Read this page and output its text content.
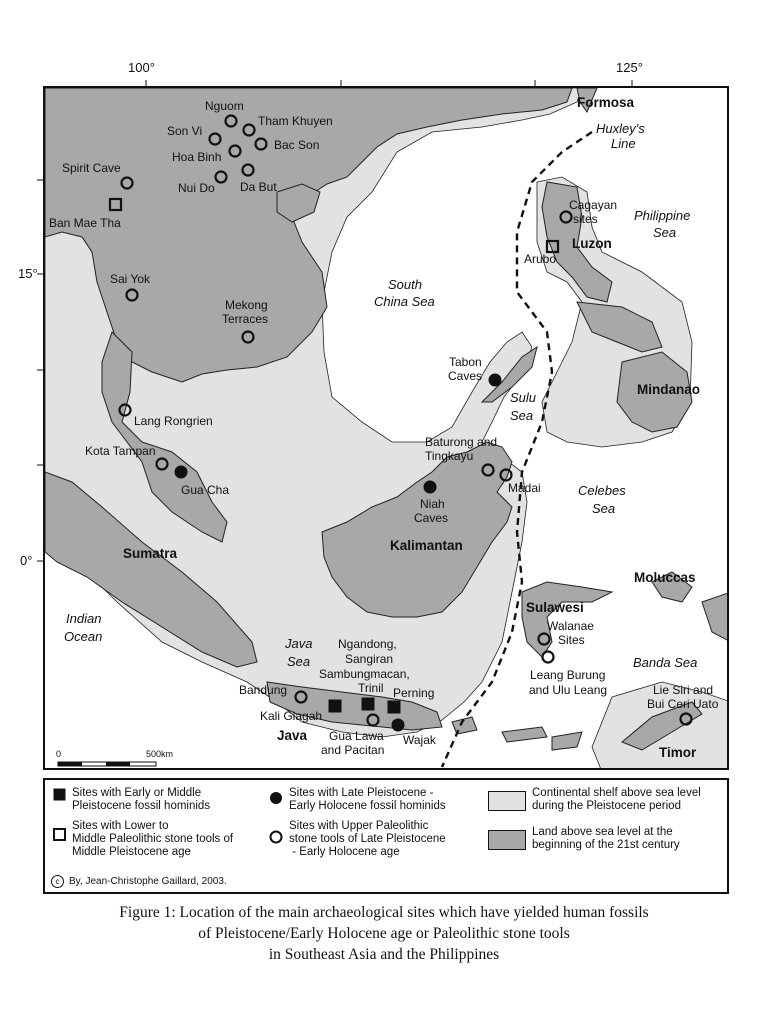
100°	125°
15°
0°
Formosa
Luzon
Mindanao
Kalimantan
Sumatra
Moluccas
Sulawesi
Java
Timor
South
China Sea
Philippine
Sea
Sulu
Sea
Celebes
Sea
Indian
Ocean	Java
Sea	Banda Sea
Huxley's
Line
Nguom
Tham Khuyen
Son Vi
Bac Son
Hoa Binh
Nui Do Da But
Spirit Cave
Ban Mae Tha
Sai Yok
Mekong
Terraces
Lang Rongrien
Kota Tampan
Gua Cha
Tabon
Caves
Cagayan
sites
Arubo
Baturong and
Tingkayu
Madai
Niah
Caves
Walanae
Sites
Leang Burung
and Ulu Leang	Lie Siri and
Bui Ceri Uato
Ngandong,
Sangiran
Sambungmacan,
Trinil Perning
Bandung
Kali Giagah
Gua Lawa
and Pacitan
Wajak
0	500km
Sites with Early or Middle
Pleistocene fossil hominids
Sites with Lower to
Middle Paleolithic stone tools of
Middle Pleistocene age
Sites with Late Pleistocene -
Early Holocene fossil hominids
Sites with Upper Paleolithic
stone tools of Late Pleistocene
- Early Holocene age
Continental shelf above sea level
during the Pleistocene period
Land above sea level at the
beginning of the 21st century
c By, Jean-Christophe Gaillard, 2003.
Figure 1: Location of the main archaeological sites which have yielded human fossils
of Pleistocene/Early Holocene age or Paleolithic stone tools
in Southeast Asia and the Philippines
